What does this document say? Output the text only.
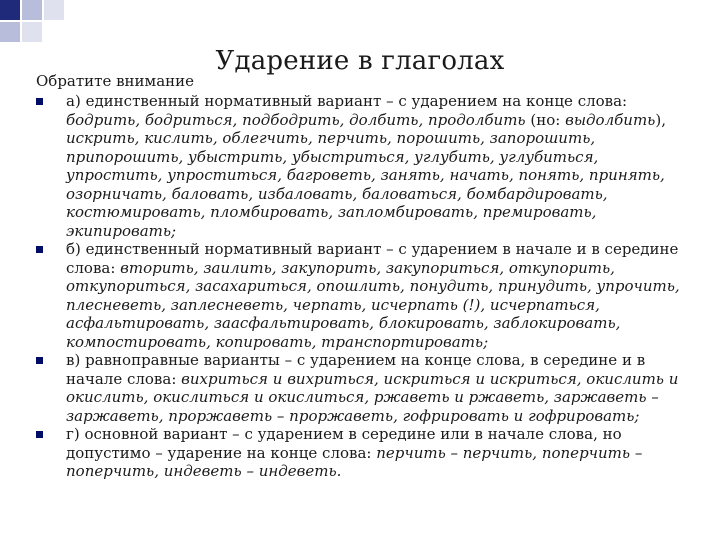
Ударение в глаголах
Обратите внимание
а) единственный нормативный вариант – с ударением на конце слова: бодрить, бодриться, подбодрить, долбить, продолбить (но: выдолбить), искрить, кислить, облегчить, перчить, порошить, запорошить, припорошить, убыстрить, убыстриться, углубить, углубиться, упростить, упроститься, багроветь, занять, начать, понять, принять, озорничать, баловать, избаловать, баловаться, бомбардировать, костюмировать, пломбировать, запломбировать, премировать, экипировать;
б) единственный нормативный вариант – с ударением в начале и в середине слова: вторить, заилить, закупорить, закупориться, откупорить, откупориться, засахариться, опошлить, понудить, принудить, упрочить, плесневеть, заплесневеть, черпать, исчерпать (!), исчерпаться, асфальтировать, заасфальтировать, блокировать, заблокировать, компостировать, копировать, транспортировать;
в) равноправные варианты – с ударением на конце слова, в середине и в начале слова: вихриться и вихриться, искриться и искриться, окислить и окислить, окислиться и окислиться, ржаветь и ржаветь, заржаветь – заржаветь, проржаветь – проржаветь, гофрировать и гофрировать;
г) основной вариант – с ударением в середине или в начале слова, но допустимо – ударение на конце слова: перчить – перчить, поперчить – поперчить, индеветь – индеветь.
